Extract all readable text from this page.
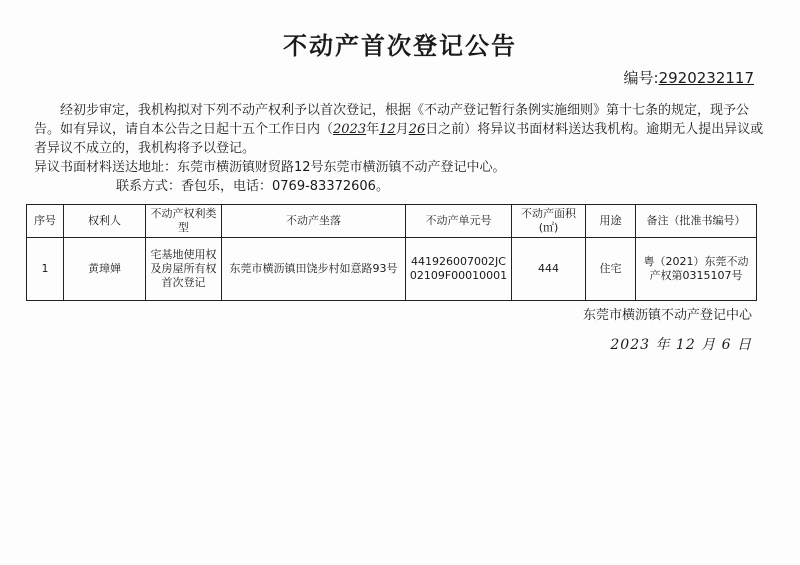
不动产首次登记公告
编号:2920232117
经初步审定，我机构拟对下列不动产权利予以首次登记，根据《不动产登记暂行条例实施细则》第十七条的规定，现予公告。如有异议，请自本公告之日起十五个工作日内（2023年12月26日之前）将异议书面材料送达我机构。逾期无人提出异议或者异议不成立的，我机构将予以登记。
异议书面材料送达地址：东莞市横沥镇财贸路12号东莞市横沥镇不动产登记中心。
联系方式：香包乐，电话：0769-83372606。
序号	权利人	不动产权利类型	不动产坐落	不动产单元号	不动产面积(㎡)	用途	备注（批准书编号）
1	黄璋婵	宅基地使用权及房屋所有权首次登记	东莞市横沥镇田饶步村如意路93号	441926007002JC02109F00010001	444	住宅	粤（2021）东莞不动产权第0315107号
东莞市横沥镇不动产登记中心
2023 年 12 月 6 日
